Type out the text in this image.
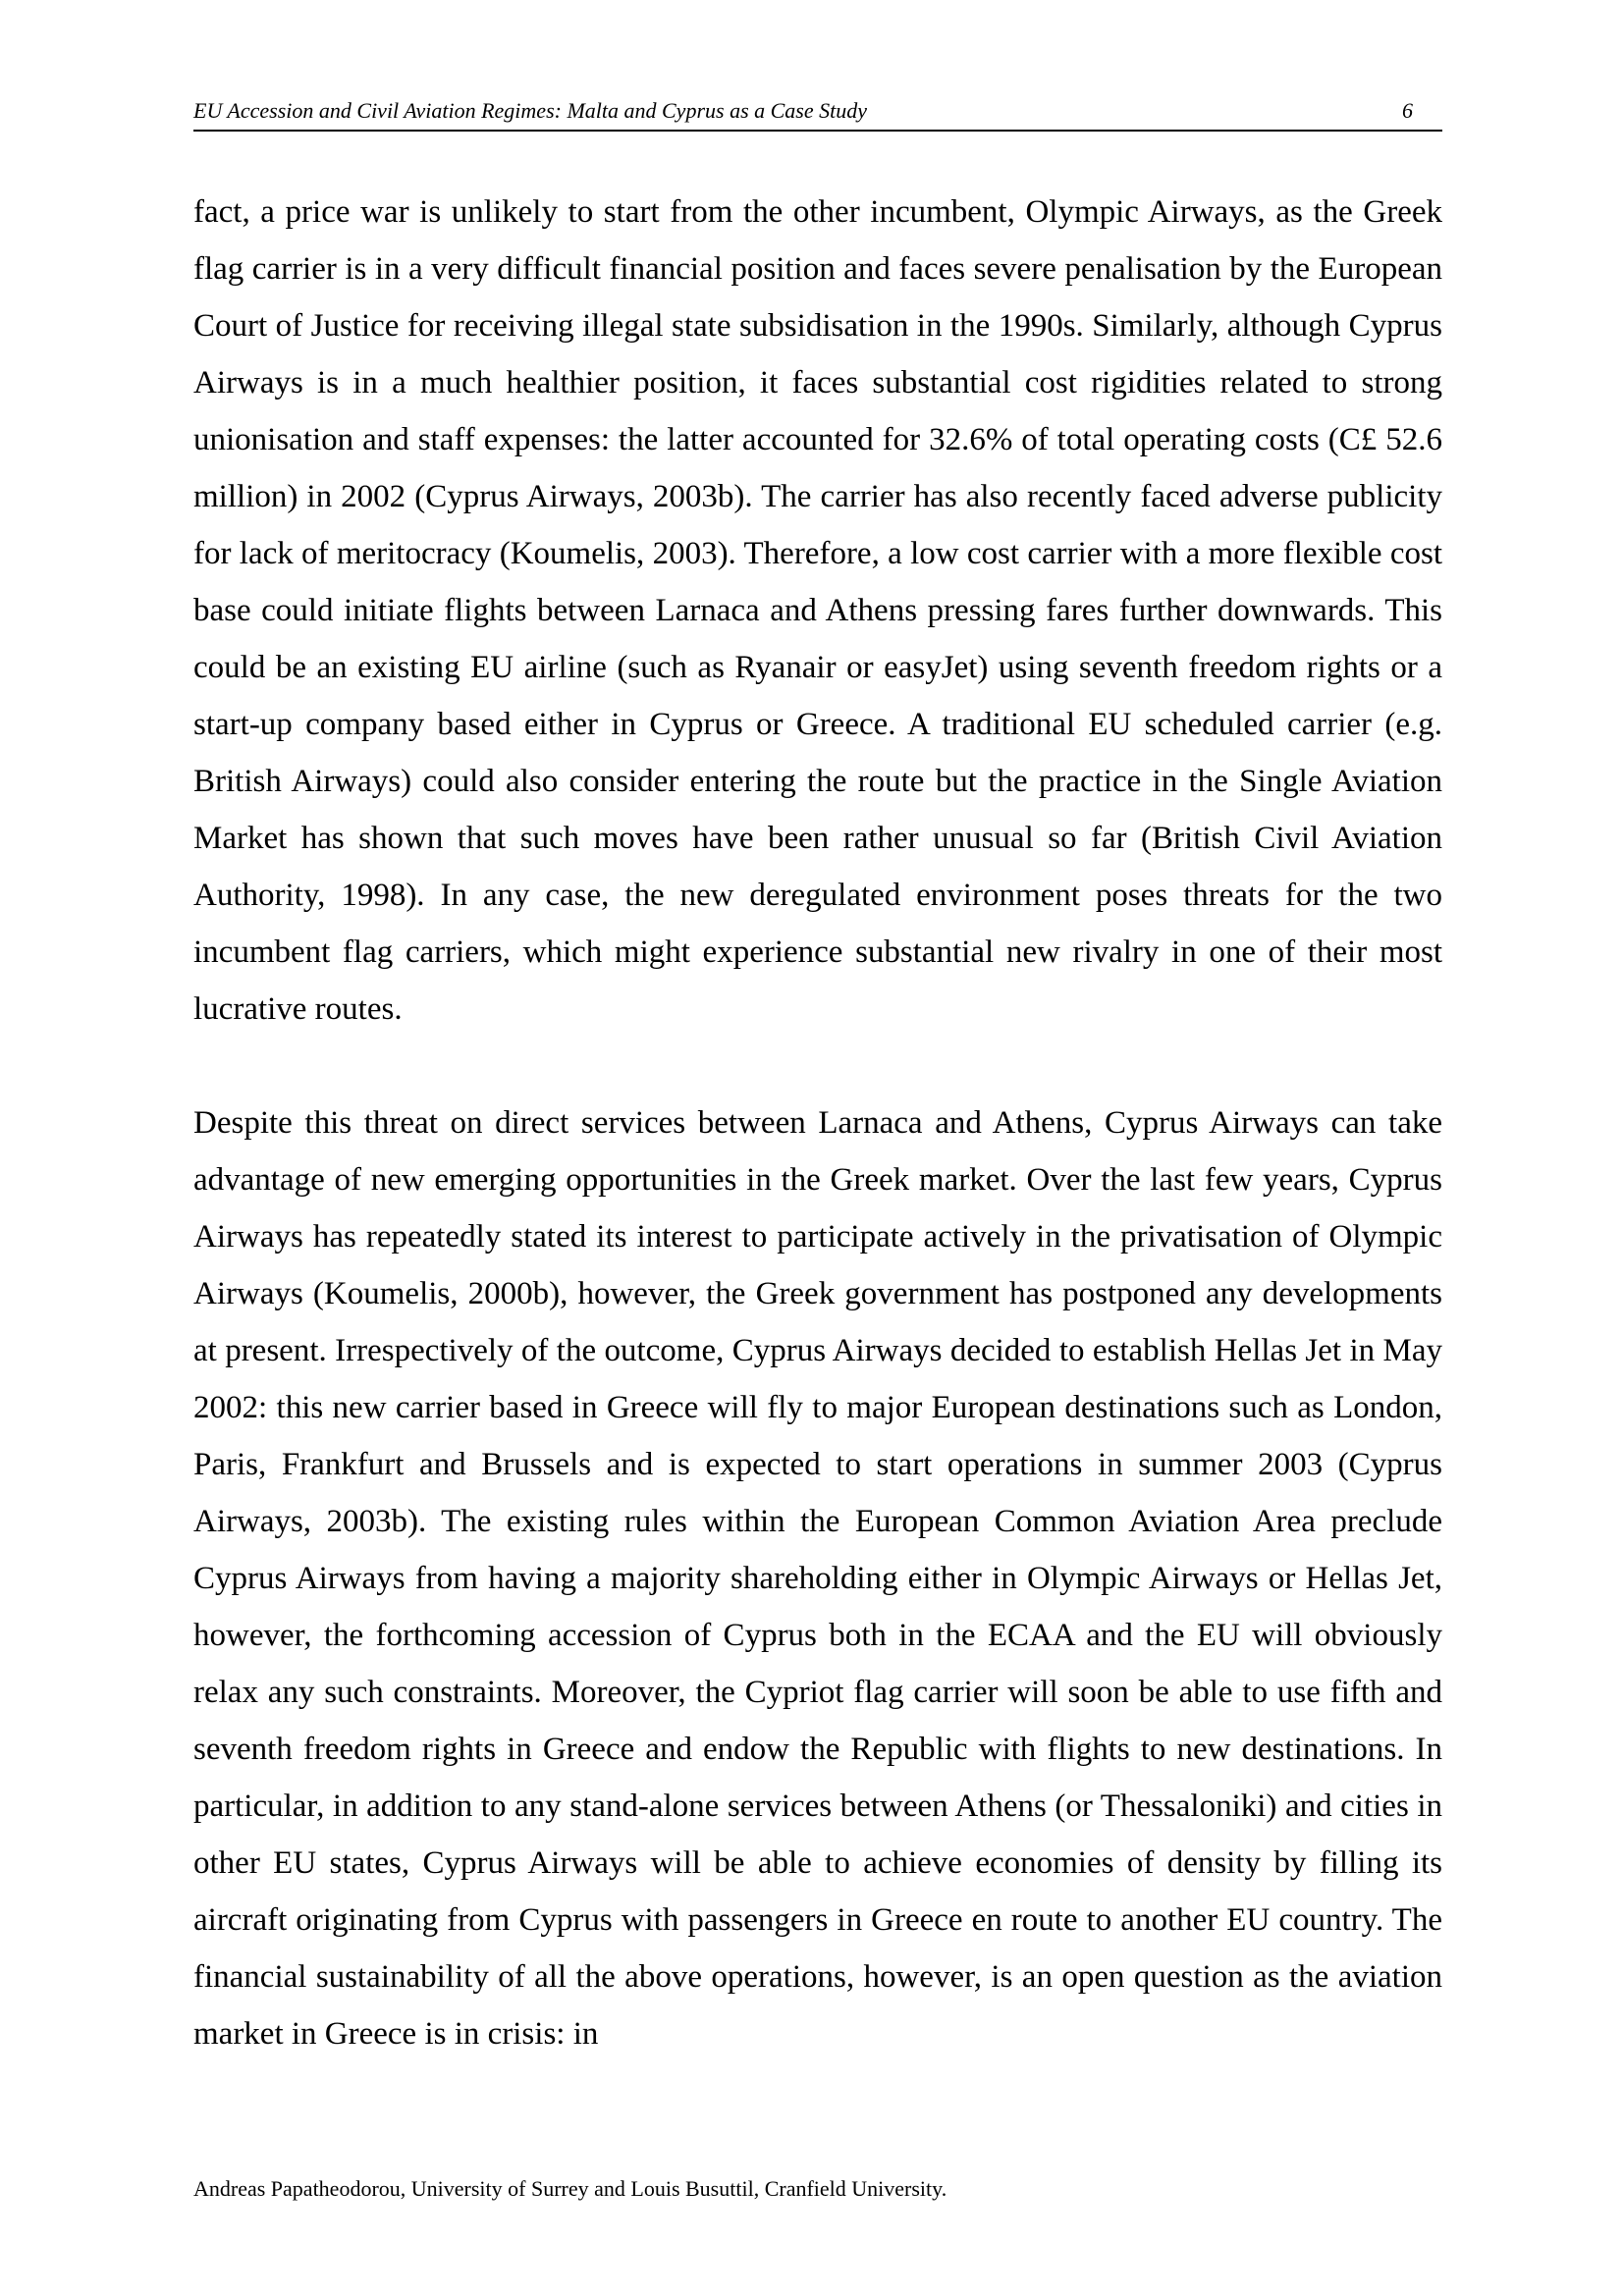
EU Accession and Civil Aviation Regimes: Malta and Cyprus as a Case Study	6

fact, a price war is unlikely to start from the other incumbent, Olympic Airways, as the Greek flag carrier is in a very difficult financial position and faces severe penalisation by the European Court of Justice for receiving illegal state subsidisation in the 1990s. Similarly, although Cyprus Airways is in a much healthier position, it faces substantial cost rigidities related to strong unionisation and staff expenses: the latter accounted for 32.6% of total operating costs (C£ 52.6 million) in 2002 (Cyprus Airways, 2003b). The carrier has also recently faced adverse publicity for lack of meritocracy (Koumelis, 2003). Therefore, a low cost carrier with a more flexible cost base could initiate flights between Larnaca and Athens pressing fares further downwards. This could be an existing EU airline (such as Ryanair or easyJet) using seventh freedom rights or a start-up company based either in Cyprus or Greece. A traditional EU scheduled carrier (e.g. British Airways) could also consider entering the route but the practice in the Single Aviation Market has shown that such moves have been rather unusual so far (British Civil Aviation Authority, 1998). In any case, the new deregulated environment poses threats for the two incumbent flag carriers, which might experience substantial new rivalry in one of their most lucrative routes.

Despite this threat on direct services between Larnaca and Athens, Cyprus Airways can take advantage of new emerging opportunities in the Greek market. Over the last few years, Cyprus Airways has repeatedly stated its interest to participate actively in the privatisation of Olympic Airways (Koumelis, 2000b), however, the Greek government has postponed any developments at present. Irrespectively of the outcome, Cyprus Airways decided to establish Hellas Jet in May 2002: this new carrier based in Greece will fly to major European destinations such as London, Paris, Frankfurt and Brussels and is expected to start operations in summer 2003 (Cyprus Airways, 2003b). The existing rules within the European Common Aviation Area preclude Cyprus Airways from having a majority shareholding either in Olympic Airways or Hellas Jet, however, the forthcoming accession of Cyprus both in the ECAA and the EU will obviously relax any such constraints. Moreover, the Cypriot flag carrier will soon be able to use fifth and seventh freedom rights in Greece and endow the Republic with flights to new destinations. In particular, in addition to any stand-alone services between Athens (or Thessaloniki) and cities in other EU states, Cyprus Airways will be able to achieve economies of density by filling its aircraft originating from Cyprus with passengers in Greece en route to another EU country. The financial sustainability of all the above operations, however, is an open question as the aviation market in Greece is in crisis: in

Andreas Papatheodorou, University of Surrey and Louis Busuttil, Cranfield University.
